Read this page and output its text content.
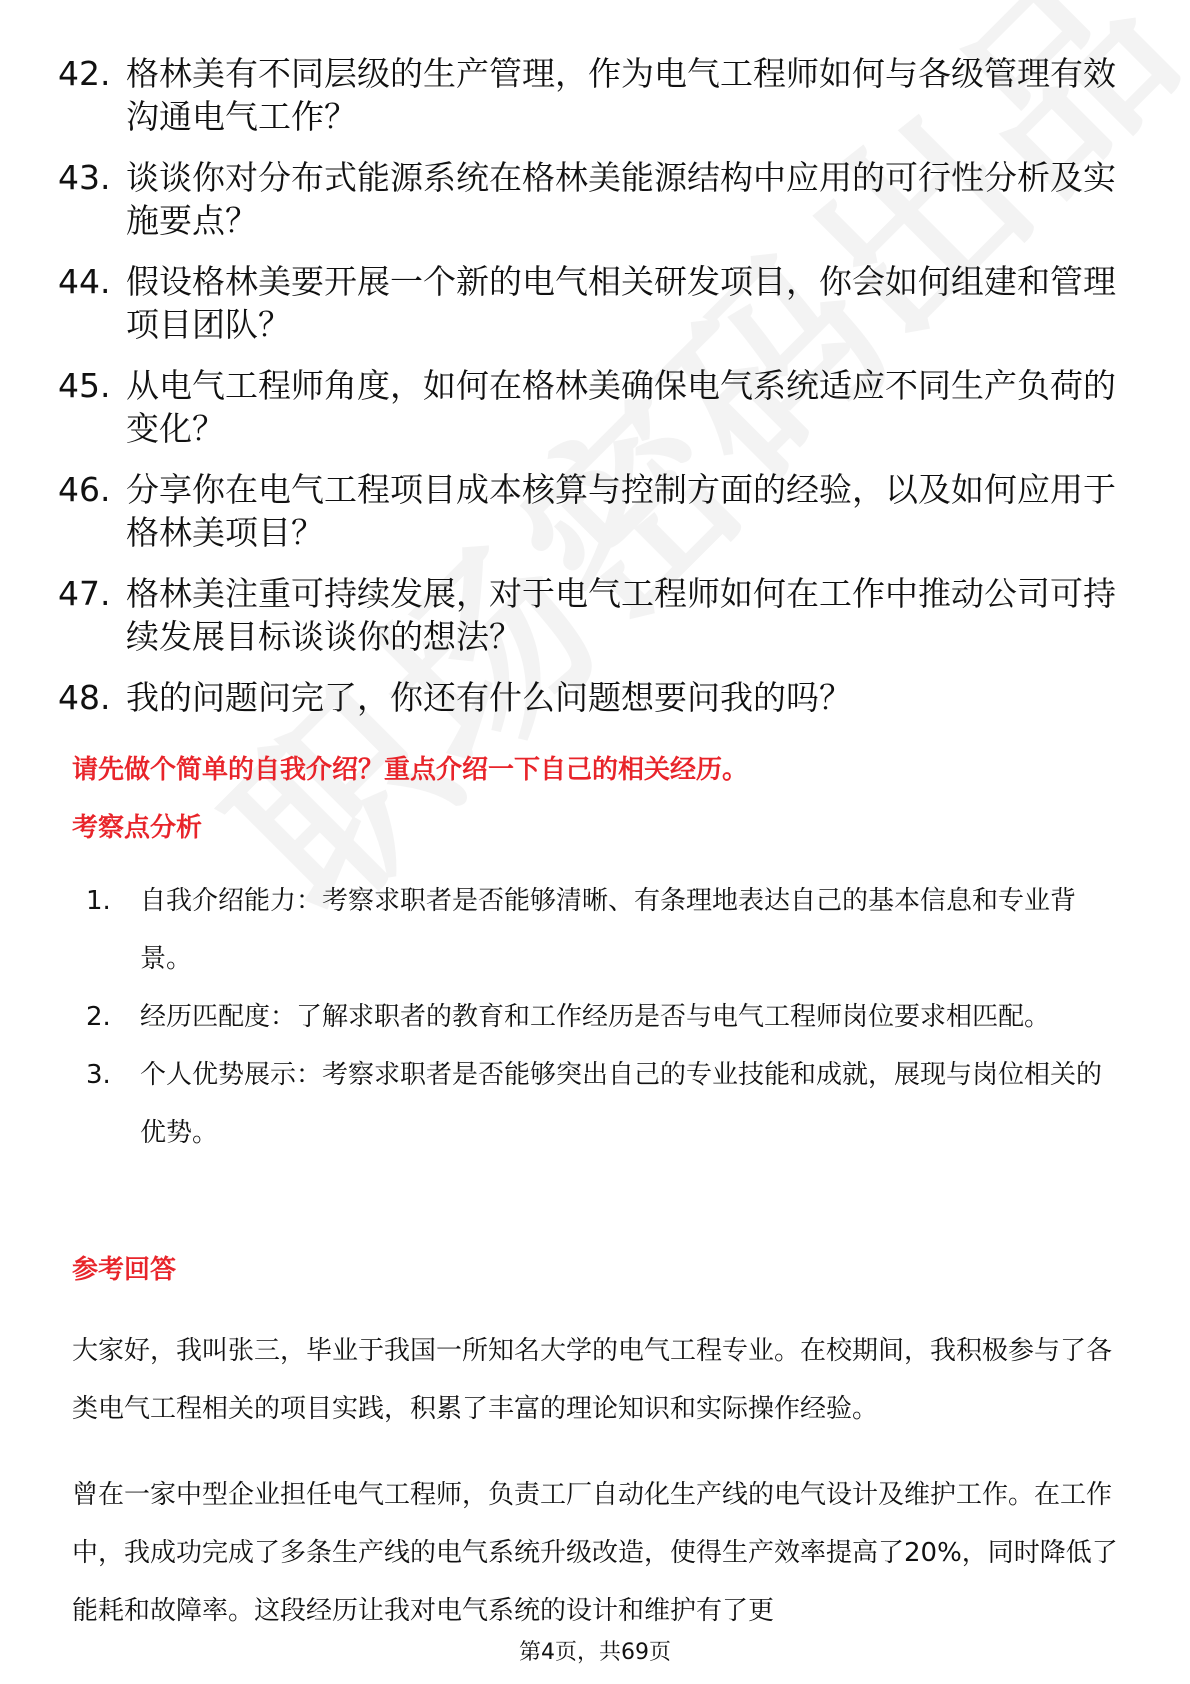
42. 格林美有不同层级的生产管理，作为电气工程师如何与各级管理有效沟通电气工作？
43. 谈谈你对分布式能源系统在格林美能源结构中应用的可行性分析及实施要点？
44. 假设格林美要开展一个新的电气相关研发项目，你会如何组建和管理项目团队？
45. 从电气工程师角度，如何在格林美确保电气系统适应不同生产负荷的变化？
46. 分享你在电气工程项目成本核算与控制方面的经验，以及如何应用于格林美项目？
47. 格林美注重可持续发展，对于电气工程师如何在工作中推动公司可持续发展目标谈谈你的想法？
48. 我的问题问完了，你还有什么问题想要问我的吗？
请先做个简单的自我介绍？重点介绍一下自己的相关经历。
考察点分析
1.	自我介绍能力：考察求职者是否能够清晰、有条理地表达自己的基本信息和专业背景。
2.	经历匹配度：了解求职者的教育和工作经历是否与电气工程师岗位要求相匹配。
3.	个人优势展示：考察求职者是否能够突出自己的专业技能和成就，展现与岗位相关的优势。
参考回答
大家好，我叫张三，毕业于我国一所知名大学的电气工程专业。在校期间，我积极参与了各类电气工程相关的项目实践，积累了丰富的理论知识和实际操作经验。
曾在一家中型企业担任电气工程师，负责工厂自动化生产线的电气设计及维护工作。在工作中，我成功完成了多条生产线的电气系统升级改造，使得生产效率提高了20%，同时降低了能耗和故障率。这段经历让我对电气系统的设计和维护有了更
第4页，共69页
